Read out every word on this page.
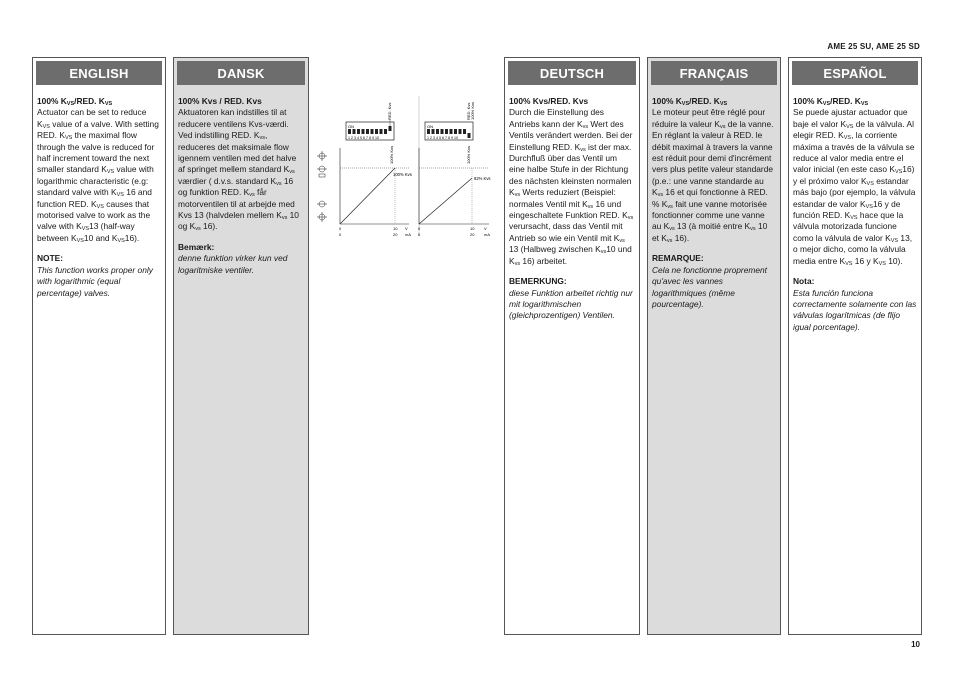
AME 25 SU, AME 25 SD
ENGLISH
100% $K_{VS}$/RED. $K_{VS}$
Actuator can be set to reduce $K_{VS}$ value of a valve. With setting RED. $K_{VS}$ the maximal flow through the valve is reduced for half increment toward the next smaller standard $K_{VS}$ value with logarithmic characteristic (e.g: standard valve with $K_{VS}$ 16 and function RED. $K_{VS}$ causes that motorised valve to work as the valve with $K_{VS}13$ (half-way between $K_{VS}10$ and $K_{VS}16$).
NOTE:
This function works proper only with logarithmic (equal percentage) valves.
DANSK
100% Kvs / RED. Kvs
Aktuatoren kan indstilles til at reducere ventilens Kvs-værdi. Ved indstilling RED. $K_{vs}$, reduceres det maksimale flow igennem ventilen med det halve af springet mellem standard $K_{vs}$ værdier ( d.v.s. standard $K_{vs}$ 16 og funktion RED. $K_{vs}$ får motorventilen til at arbejde med Kvs 13 (halvdelen mellem $K_{vs}$ 10 og $K_{vs}$ 16).
Bemærk:
denne funktion virker kun ved logaritmiske ventiler.
ON
1 2 3 4 5 6 7 8 9 10
RED. Kvs
ON
1 2 3 4 5 6 7 8 9 10
RED. Kvs 100% Kvs
100% Kvs
100% Kvs
0	10 V
0	20 mA
100% Kvs
82% Kvs
0	10 V
0	20 mA
DEUTSCH
100% Kvs/RED. Kvs
Durch die Einstellung des Antriebs kann der $K_{vs}$ Wert des Ventils verändert werden. Bei der Einstellung RED. $K_{vs}$ ist der max. Durchfluß über das Ventil um eine halbe Stufe in der Richtung des nächsten kleinsten normalen $K_{vs}$ Werts reduziert (Beispiel: normales Ventil mit $K_{vs}$ 16 und eingeschaltete Funktion RED. $K_{vs}$ verursacht, dass das Ventil mit Antrieb so wie ein Ventil mit $K_{vs}$ 13 (Halbweg zwischen $K_{vs}10$ und $K_{vs}$ 16) arbeitet.
BEMERKUNG:
diese Funktion arbeitet richtig nur mit logarithmischen (gleichprozentigen) Ventilen.
FRANÇAIS
100% $K_{VS}$/RED. $K_{VS}$
Le moteur peut être réglé pour réduire la valeur $K_{vs}$ de la vanne. En réglant la valeur à RED. le débit maximal à travers la vanne est réduit pour demi d'incrément vers plus petite valeur standarde (p.e.: une vanne standarde au $K_{vs}$ 16 et qui fonctionne à RED. % $K_{vs}$ fait une vanne motorisée fonctionner comme une vanne au $K_{vs}$ 13 (à moitié entre $K_{vs}$ 10 et $K_{vs}$ 16).
REMARQUE:
Cela ne fonctionne proprement qu'avec les vannes logarithmiques (même pourcentage).
ESPAÑOL
100% $K_{VS}$/RED. $K_{VS}$
Se puede ajustar actuador que baje el valor $K_{VS}$ de la válvula. Al elegir RED. $K_{VS}$, la corriente máxima a través de la válvula se reduce al valor media entre el valor inicial (en este caso $K_{VS}16$) y el próximo valor $K_{VS}$ estandar más bajo (por ejemplo, la válvula estandar de valor $K_{VS}16$ y de función RED. $K_{VS}$ hace que la válvula motorizada funcione como la válvula de valor $K_{VS}$ 13, o mejor dicho, como la válvula media entre $K_{VS}$ 16 y $K_{VS}$ 10).
Nota:
Esta función funciona correctamente solamente con las válvulas logarítmicas (de flijo igual porcentage).
10
